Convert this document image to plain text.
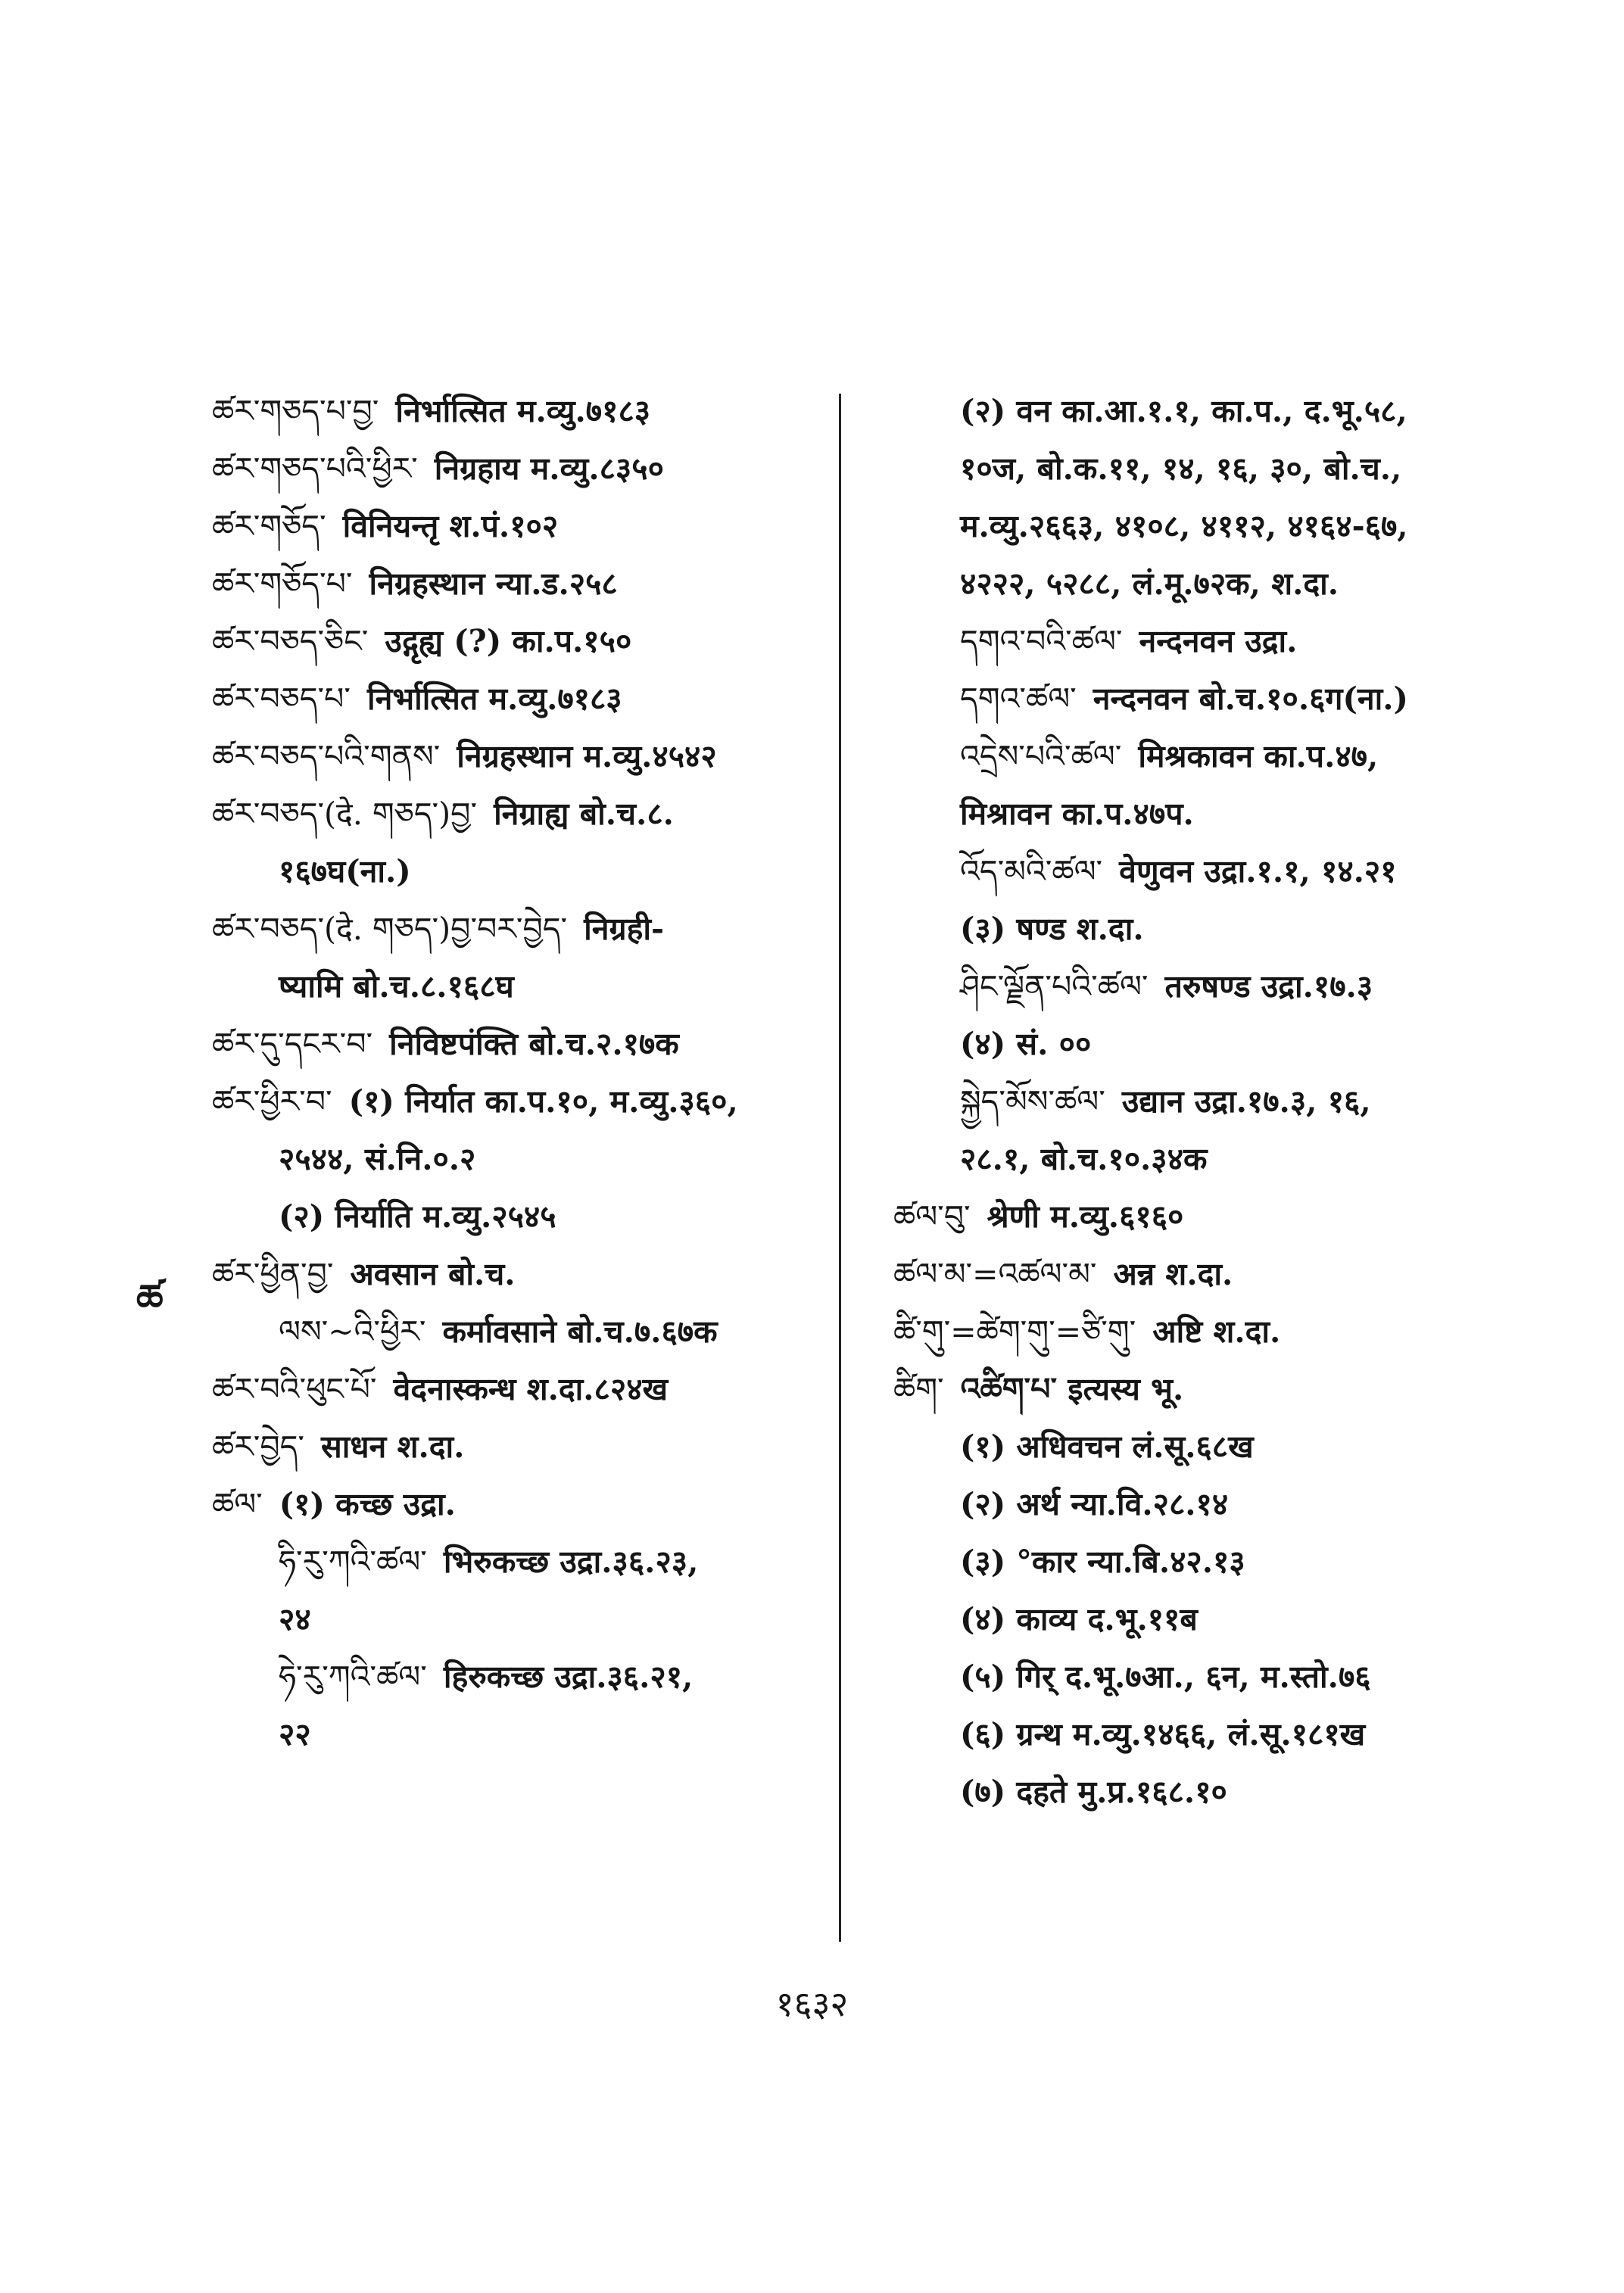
ཚར་གཅད་པ་བྱ་ निर्भात्सित म.व्यु.७१८३
ཚར་གཅད་པའི་ཕྱིར་ निग्रहाय म.व्यु.८३५०
ཚར་གཅོད་ विनियन्तृ श.पं.१०२
ཚར་གཅོད་པ་ निग्रहस्थान न्या.ड.२५८
ཚར་བཅད་ཅིང་ उद्गृह्य (?) का.प.१५०
ཚར་བཅད་པ་ निर्भात्सित म.व्यु.७१८३
ཚར་བཅད་པའི་གནས་ निग्रहस्थान म.व्यु.४५४२
ཚར་བཅད་(दे. གཅད་)བྱ་ निग्राह्य बो.च.८.
१६७घ(ना.)
ཚར་བཅད་(दे. གཅད་)བྱ་བར་བྱེད་ निग्रही-
ष्यामि बो.च.८.१६८घ
ཚར་དུ་དངར་བ་ निविष्टपंक्ति बो.च.२.१७क
ཚར་ཕྱིར་བ་ (१) निर्यात का.प.१०, म.व्यु.३६०,
२५४४, सं.नि.०.२
(२) निर्याति म.व्यु.२५४५
ཚར་ཕྱིན་བྱ་ अवसान बो.च.
ལས་~འི་ཕྱིར་ कर्मावसाने बो.च.७.६७क
ཚར་བའི་ཕུང་པོ་ वेदनास्कन्ध श.दा.८२४ख
ཚར་བྱེད་ साधन श.दा.
ཚལ་ (१) कच्छ उद्रा.
ཧི་རུ་ཀའི་ཚལ་ भिरुकच्छ उद्रा.३६.२३,
२४
ཧེ་རུ་ཀའི་ཚལ་ हिरुकच्छ उद्रा.३६.२१,
२२
(२) वन का.आ.१.१, का.प., द.भू.५८,
१०ज, बो.क.११, १४, १६, ३०, बो.च.,
म.व्यु.२६६३, ४१०८, ४११२, ४१६४-६७,
४२२२, ५२८८, लं.मू.७२क, श.दा.
དགའ་བའི་ཚལ་ नन्दनवन उद्रा.
དགའ་ཚལ་ नन्दनवन बो.च.१०.६ग(ना.)
འདྲེས་པའི་ཚལ་ मिश्रकावन का.प.४७,
मिश्रावन का.प.४७प.
འོད་མའི་ཚལ་ वेणुवन उद्रा.१.१, १४.२१
(३) षण्ड श.दा.
ཤིང་ལྗོན་པའི་ཚལ་ तरुषण्ड उद्रा.१७.३
(४) सं. ००
སྐྱེད་མོས་ཚལ་ उद्यान उद्रा.१७.३, १६,
२८.१, बो.च.१०.३४क
ཚལ་བུ་ श्रेणी म.व्यु.६१६०
ཚལ་མ་=འཚལ་མ་ अन्न श.दा.
ཚི་གུ་=ཚེག་གུ་=ཙི་གུ་ अष्टि श.दा.
ཚིག་ འཚིག་པ་ इत्यस्य भू.
(१) अधिवचन लं.सू.६८ख
(२) अर्थ न्या.वि.२८.१४
(३) °कार न्या.बि.४२.१३
(४) काव्य द.भू.११ब
(५) गिर् द.भू.७आ., ६न, म.स्तो.७६
(६) ग्रन्थ म.व्यु.१४६६, लं.सू.१८१ख
(७) दहते मु.प्र.१६८.१०
ཚ
१६३२
